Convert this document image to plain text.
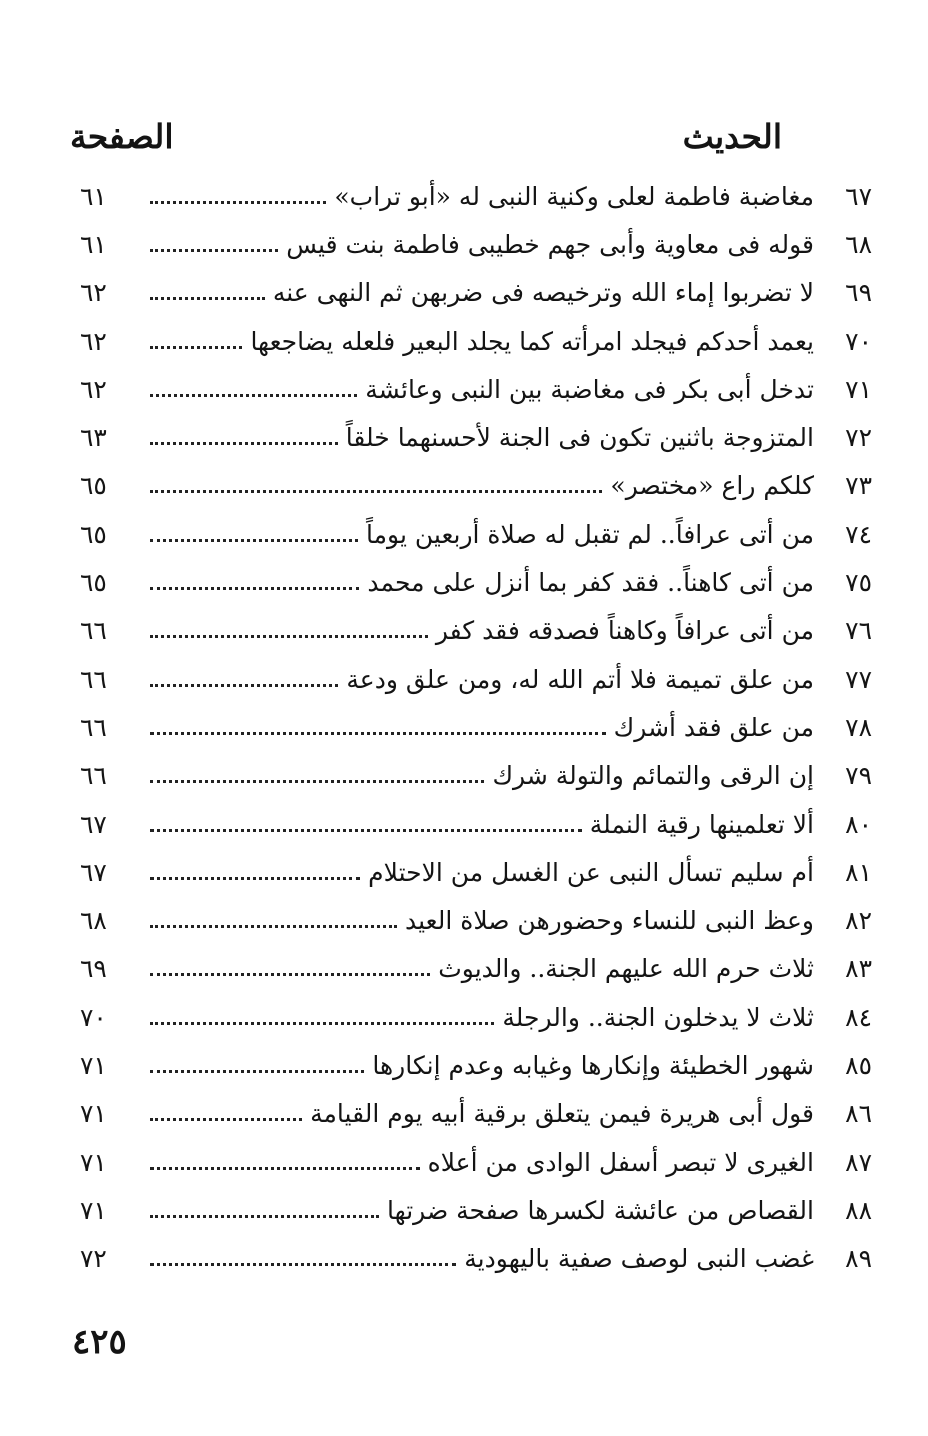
الحديث
الصفحة
٦٧
مغاضبة فاطمة لعلى وكنية النبى له «أبو تراب»
٦١
٦٨
قوله فى معاوية وأبى جهم خطيبى فاطمة بنت قيس
٦١
٦٩
لا تضربوا إماء الله وترخيصه فى ضربهن ثم النهى عنه
٦٢
٧٠
يعمد أحدكم فيجلد امرأته كما يجلد البعير فلعله يضاجعها
٦٢
٧١
تدخل أبى بكر فى مغاضبة بين النبى وعائشة
٦٢
٧٢
المتزوجة باثنين تكون فى الجنة لأحسنهما خلقاً
٦٣
٧٣
كلكم راع «مختصر»
٦٥
٧٤
من أتى عرافاً.. لم تقبل له صلاة أربعين يوماً
٦٥
٧٥
من أتى كاهناً.. فقد كفر بما أنزل على محمد
٦٥
٧٦
من أتى عرافاً وكاهناً فصدقه فقد كفر
٦٦
٧٧
من علق تميمة فلا أتم الله له، ومن علق ودعة
٦٦
٧٨
من علق فقد أشرك
٦٦
٧٩
إن الرقى والتمائم والتولة شرك
٦٦
٨٠
ألا تعلمينها رقية النملة
٦٧
٨١
أم سليم تسأل النبى عن الغسل من الاحتلام
٦٧
٨٢
وعظ النبى للنساء وحضورهن صلاة العيد
٦٨
٨٣
ثلاث حرم الله عليهم الجنة.. والديوث
٦٩
٨٤
ثلاث لا يدخلون الجنة.. والرجلة
٧٠
٨٥
شهور الخطيئة وإنكارها وغيابه وعدم إنكارها
٧١
٨٦
قول أبى هريرة فيمن يتعلق برقية أبيه يوم القيامة
٧١
٨٧
الغيرى لا تبصر أسفل الوادى من أعلاه
٧١
٨٨
القصاص من عائشة لكسرها صفحة ضرتها
٧١
٨٩
غضب النبى لوصف صفية باليهودية
٧٢
٤٢٥
